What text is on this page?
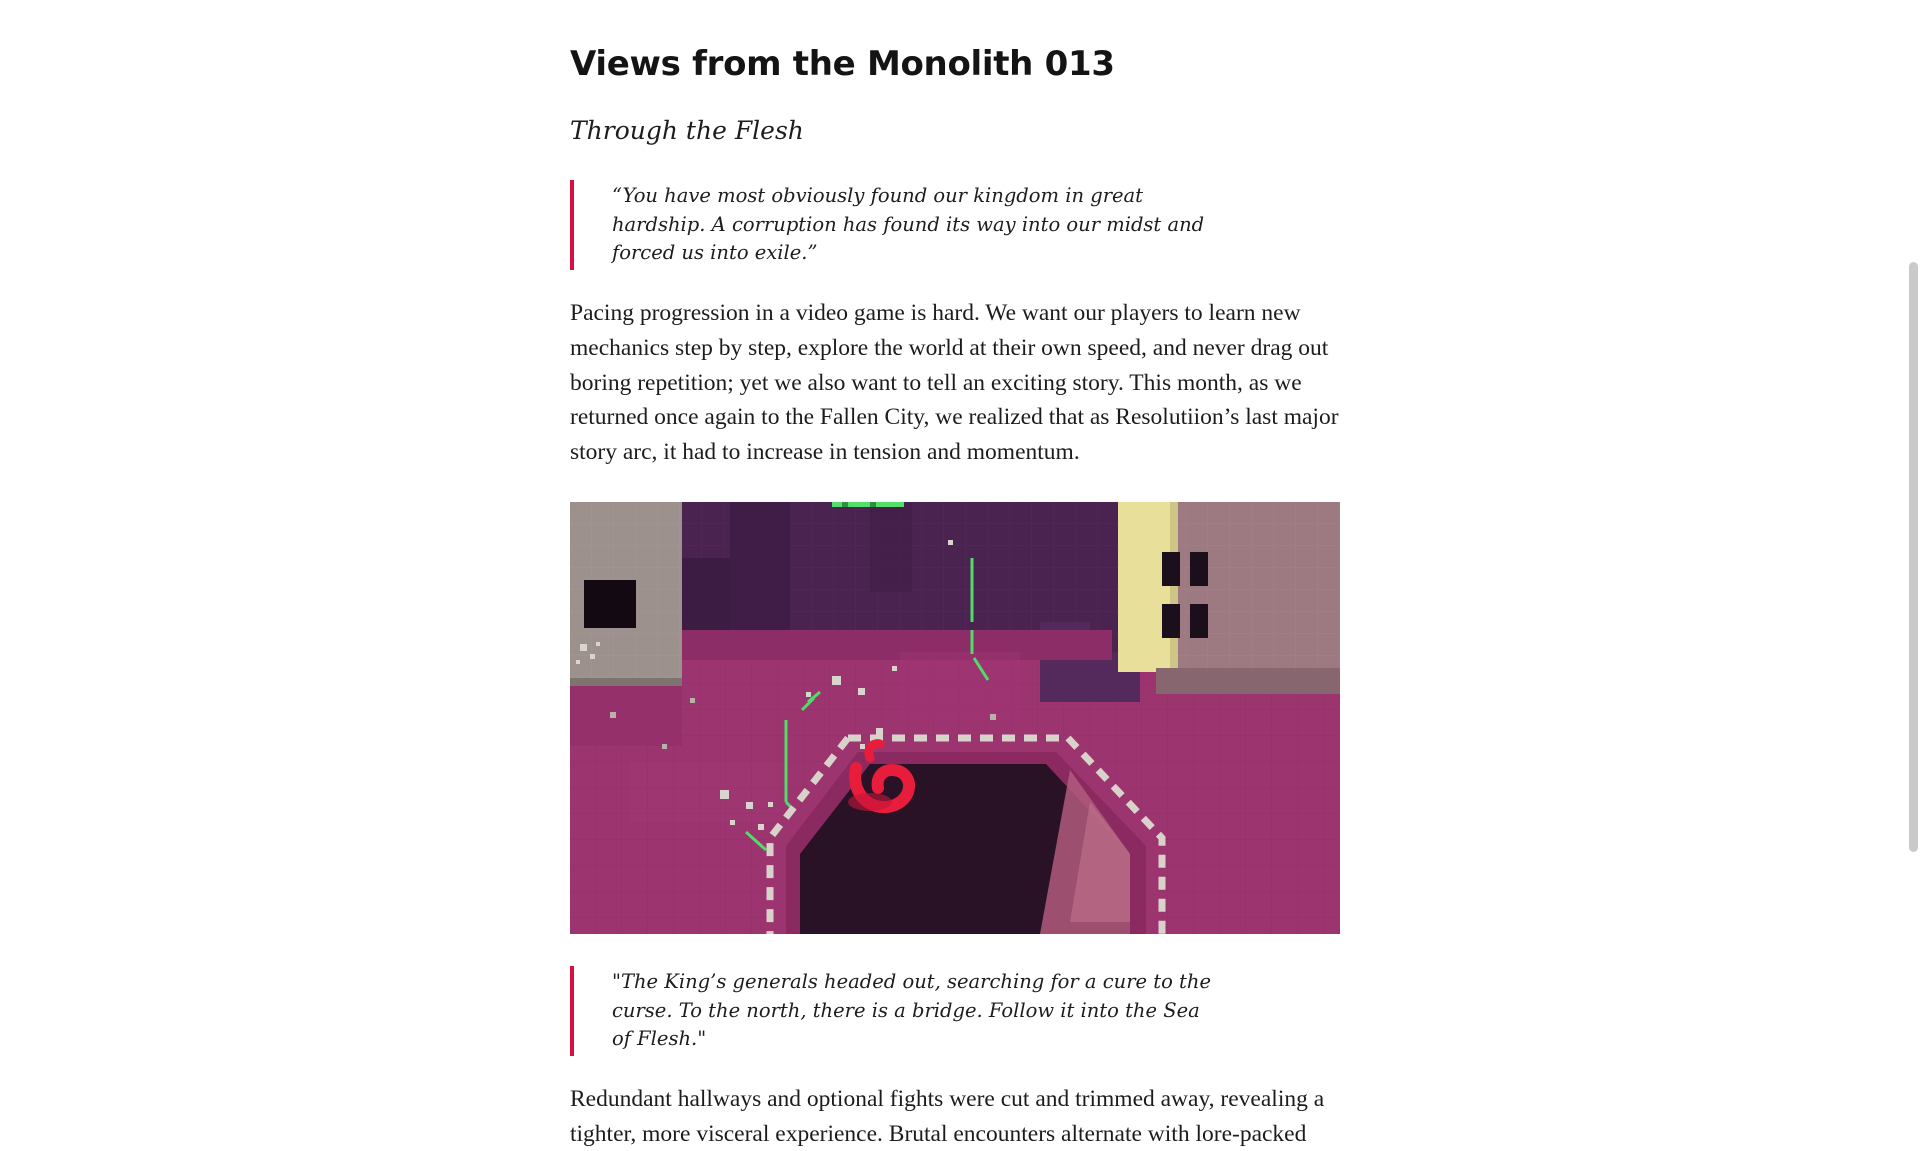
Views from the Monolith 013
Through the Flesh

“You have most obviously found our kingdom in great hardship. A corruption has found its way into our midst and forced us into exile.”

Pacing progression in a video game is hard. We want our players to learn new mechanics step by step, explore the world at their own speed, and never drag out boring repetition; yet we also want to tell an exciting story. This month, as we returned once again to the Fallen City, we realized that as Resolutiion’s last major story arc, it had to increase in tension and momentum.

"The King’s generals headed out, searching for a cure to the curse. To the north, there is a bridge. Follow it into the Sea of Flesh."

Redundant hallways and optional fights were cut and trimmed away, revealing a tighter, more visceral experience. Brutal encounters alternate with lore-packed
